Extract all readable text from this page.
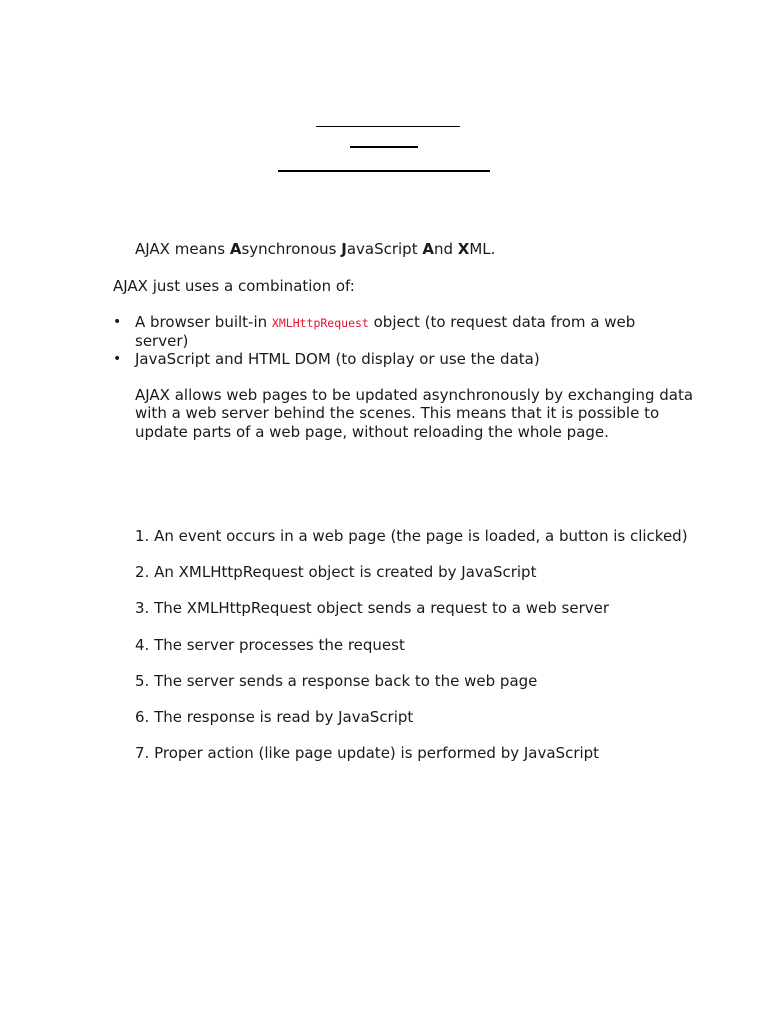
AJAX means Asynchronous JavaScript And XML.
AJAX just uses a combination of:
• A browser built-in XMLHttpRequest object (to request data from a web server)
• JavaScript and HTML DOM (to display or use the data)

AJAX allows web pages to be updated asynchronously by exchanging data with a web server behind the scenes. This means that it is possible to update parts of a web page, without reloading the whole page.

1. An event occurs in a web page (the page is loaded, a button is clicked)
2. An XMLHttpRequest object is created by JavaScript
3. The XMLHttpRequest object sends a request to a web server
4. The server processes the request
5. The server sends a response back to the web page
6. The response is read by JavaScript
7. Proper action (like page update) is performed by JavaScript
